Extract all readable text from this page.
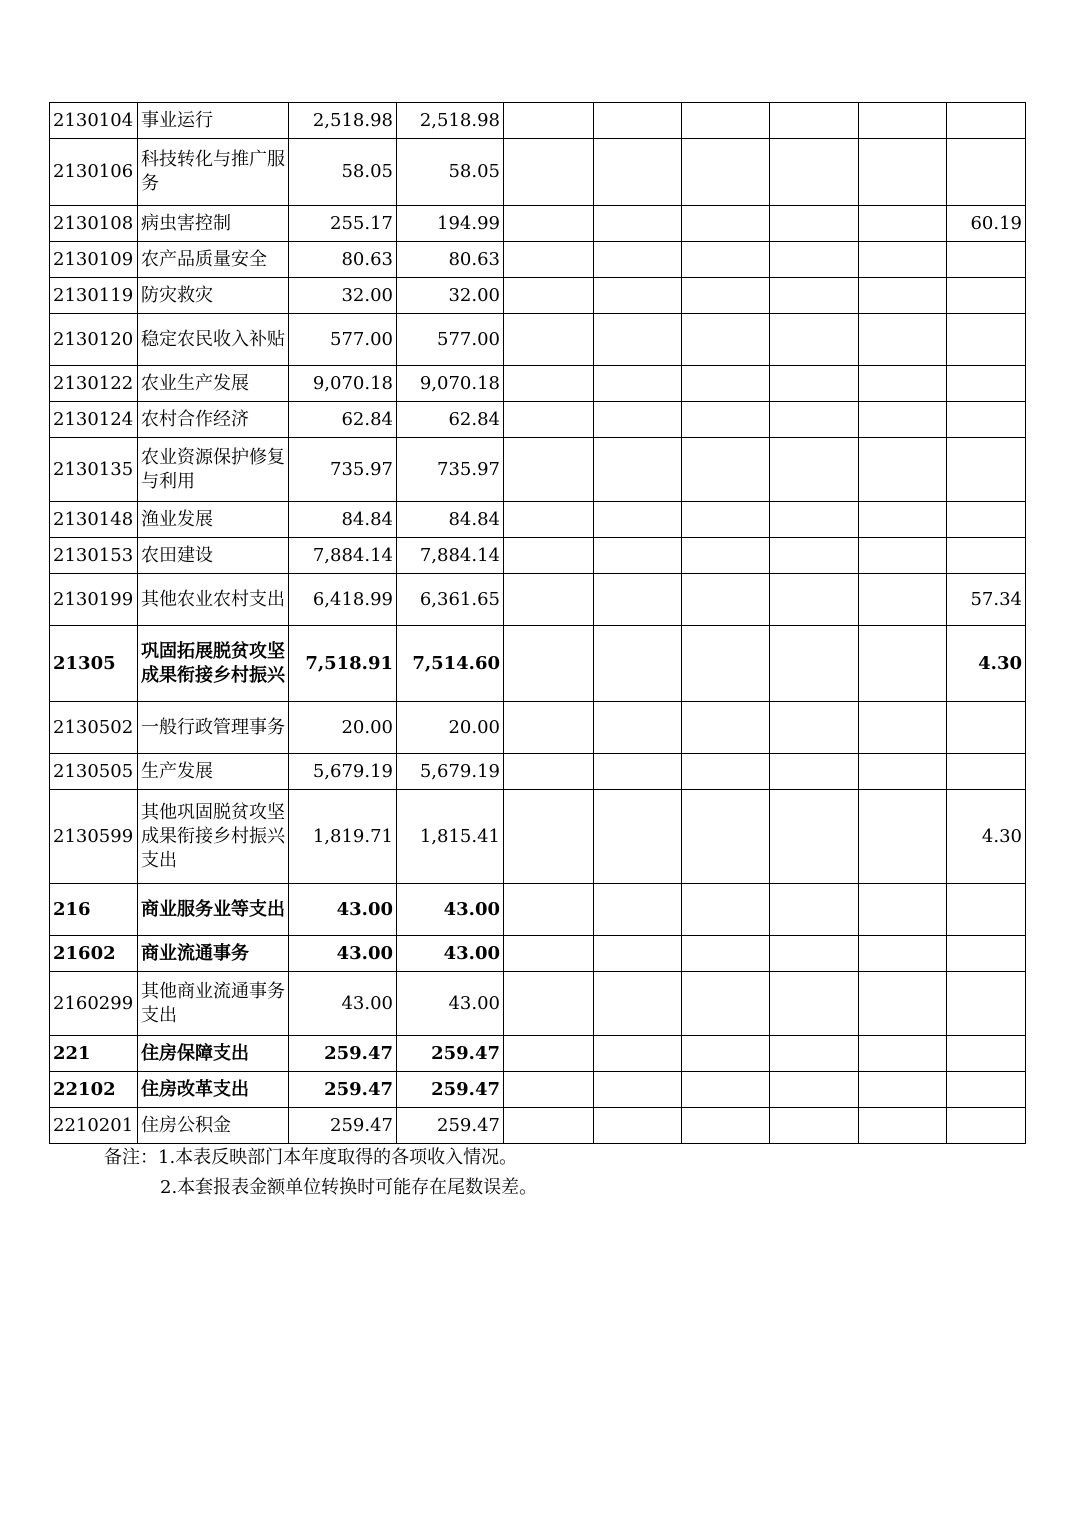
2130104	事业运行	2,518.98	2,518.98						
2130106	科技转化与推广服务	58.05	58.05						
2130108	病虫害控制	255.17	194.99						60.19
2130109	农产品质量安全	80.63	80.63						
2130119	防灾救灾	32.00	32.00						
2130120	稳定农民收入补贴	577.00	577.00						
2130122	农业生产发展	9,070.18	9,070.18						
2130124	农村合作经济	62.84	62.84						
2130135	农业资源保护修复与利用	735.97	735.97						
2130148	渔业发展	84.84	84.84						
2130153	农田建设	7,884.14	7,884.14						
2130199	其他农业农村支出	6,418.99	6,361.65						57.34
21305	巩固拓展脱贫攻坚成果衔接乡村振兴	7,518.91	7,514.60						4.30
2130502	一般行政管理事务	20.00	20.00						
2130505	生产发展	5,679.19	5,679.19						
2130599	其他巩固脱贫攻坚成果衔接乡村振兴支出	1,819.71	1,815.41						4.30
216	商业服务业等支出	43.00	43.00						
21602	商业流通事务	43.00	43.00						
2160299	其他商业流通事务支出	43.00	43.00						
221	住房保障支出	259.47	259.47						
22102	住房改革支出	259.47	259.47						
2210201	住房公积金	259.47	259.47						
备注：1.本表反映部门本年度取得的各项收入情况。
2.本套报表金额单位转换时可能存在尾数误差。
